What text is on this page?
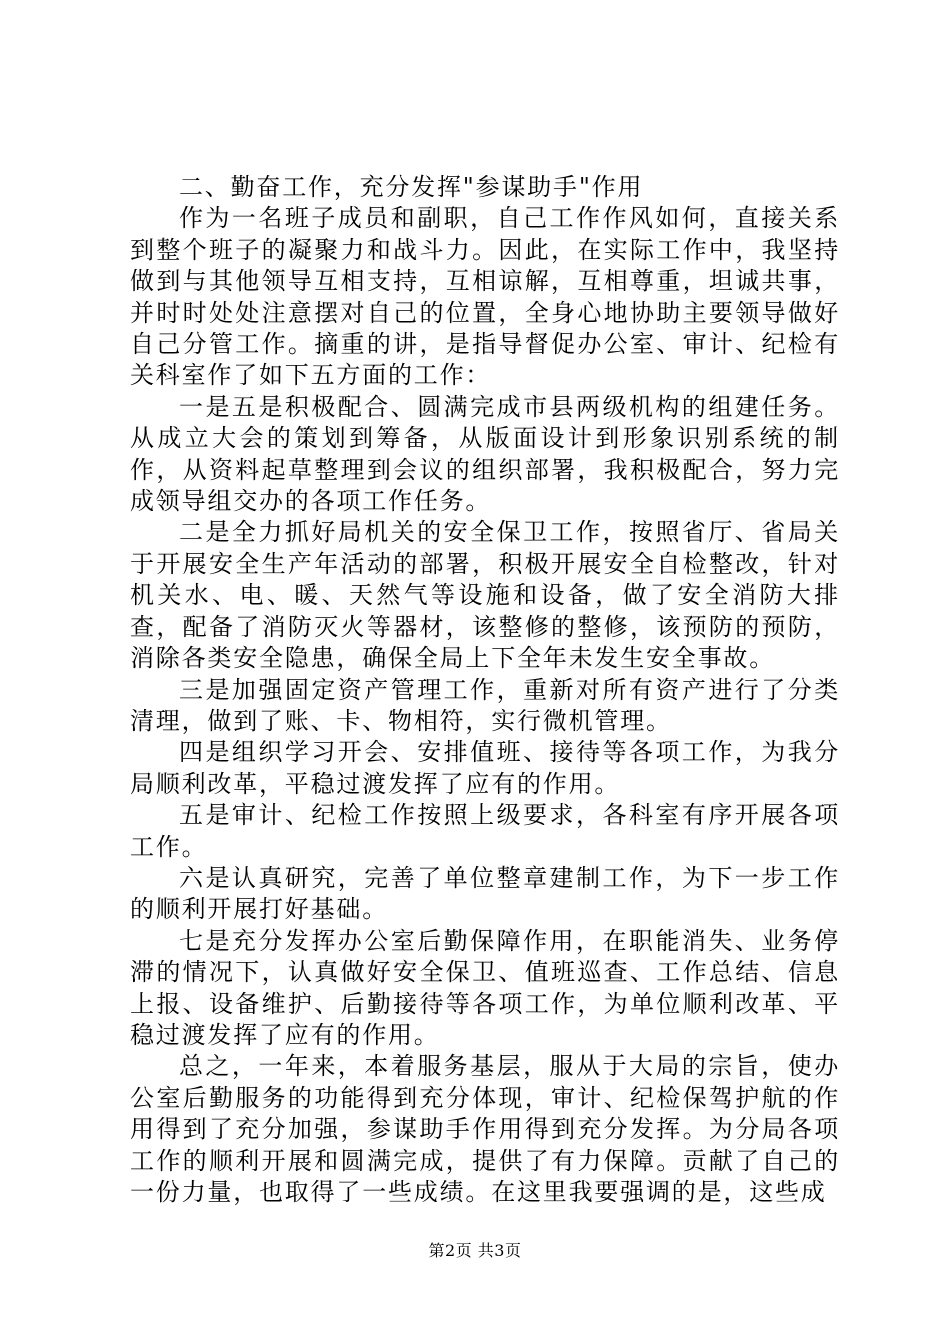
二、勤奋工作，充分发挥"参谋助手"作用

作为一名班子成员和副职，自己工作作风如何，直接关系到整个班子的凝聚力和战斗力。因此，在实际工作中，我坚持做到与其他领导互相支持，互相谅解，互相尊重，坦诚共事，并时时处处注意摆对自己的位置，全身心地协助主要领导做好自己分管工作。摘重的讲，是指导督促办公室、审计、纪检有关科室作了如下五方面的工作：

一是五是积极配合、圆满完成市县两级机构的组建任务。从成立大会的策划到筹备，从版面设计到形象识别系统的制作，从资料起草整理到会议的组织部署，我积极配合，努力完成领导组交办的各项工作任务。

二是全力抓好局机关的安全保卫工作，按照省厅、省局关于开展安全生产年活动的部署，积极开展安全自检整改，针对机关水、电、暖、天然气等设施和设备，做了安全消防大排查，配备了消防灭火等器材，该整修的整修，该预防的预防，消除各类安全隐患，确保全局上下全年未发生安全事故。

三是加强固定资产管理工作，重新对所有资产进行了分类清理，做到了账、卡、物相符，实行微机管理。

四是组织学习开会、安排值班、接待等各项工作，为我分局顺利改革，平稳过渡发挥了应有的作用。

五是审计、纪检工作按照上级要求，各科室有序开展各项工作。

六是认真研究，完善了单位整章建制工作，为下一步工作的顺利开展打好基础。

七是充分发挥办公室后勤保障作用，在职能消失、业务停滞的情况下，认真做好安全保卫、值班巡查、工作总结、信息上报、设备维护、后勤接待等各项工作，为单位顺利改革、平稳过渡发挥了应有的作用。

总之，一年来，本着服务基层，服从于大局的宗旨，使办公室后勤服务的功能得到充分体现，审计、纪检保驾护航的作用得到了充分加强，参谋助手作用得到充分发挥。为分局各项工作的顺利开展和圆满完成，提供了有力保障。贡献了自己的一份力量，也取得了一些成绩。在这里我要强调的是，这些成

第2页 共3页
